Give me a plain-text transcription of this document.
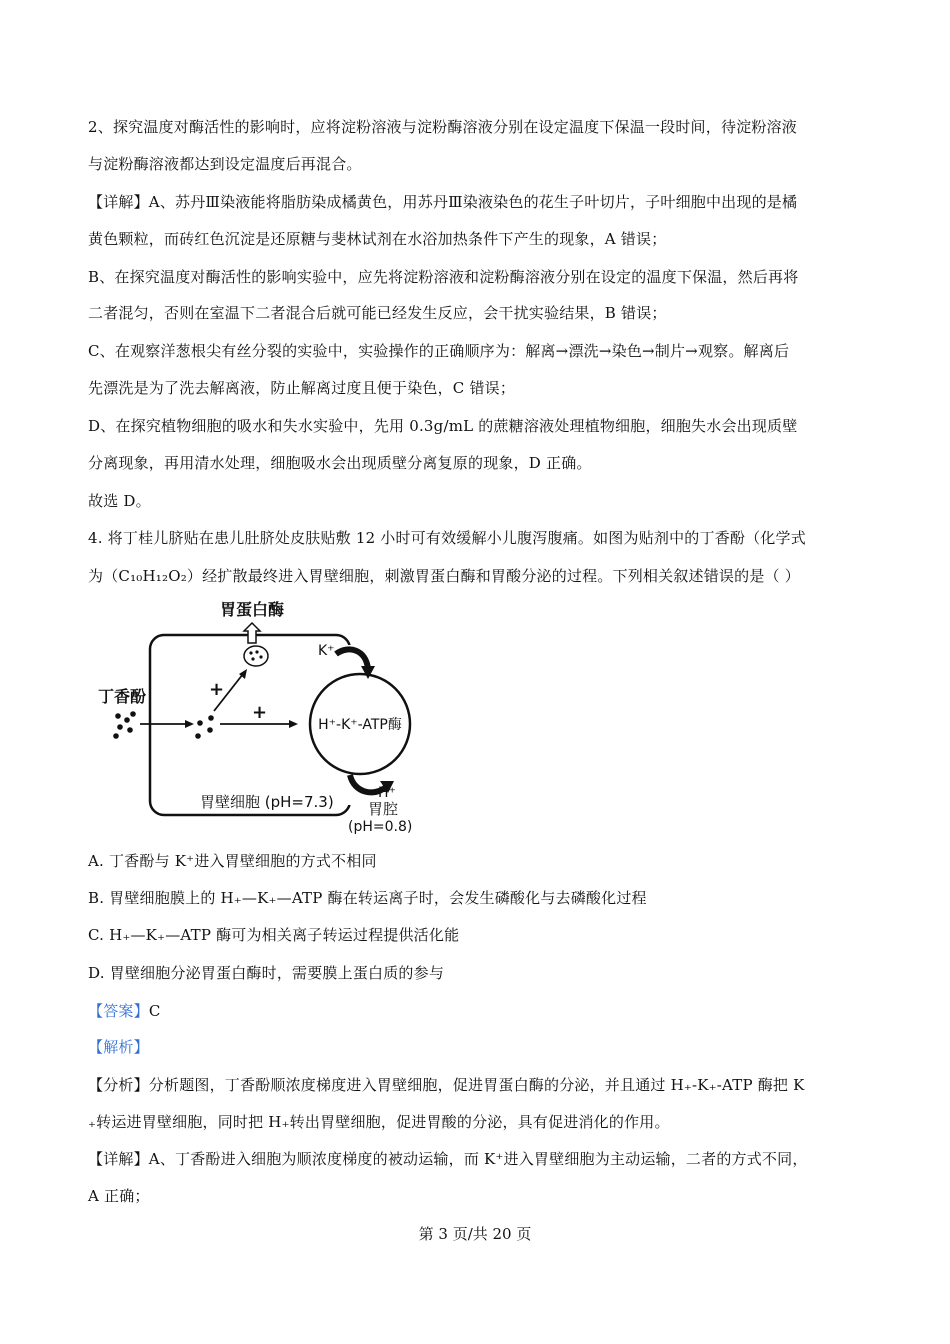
2、探究温度对酶活性的影响时，应将淀粉溶液与淀粉酶溶液分别在设定温度下保温一段时间，待淀粉溶液
与淀粉酶溶液都达到设定温度后再混合。
【详解】A、苏丹Ⅲ染液能将脂肪染成橘黄色，用苏丹Ⅲ染液染色的花生子叶切片，子叶细胞中出现的是橘
黄色颗粒，而砖红色沉淀是还原糖与斐林试剂在水浴加热条件下产生的现象，A 错误；
B、在探究温度对酶活性的影响实验中，应先将淀粉溶液和淀粉酶溶液分别在设定的温度下保温，然后再将
二者混匀，否则在室温下二者混合后就可能已经发生反应，会干扰实验结果，B 错误；
C、在观察洋葱根尖有丝分裂的实验中，实验操作的正确顺序为：解离→漂洗→染色→制片→观察。解离后
先漂洗是为了洗去解离液，防止解离过度且便于染色，C 错误；
D、在探究植物细胞的吸水和失水实验中，先用 0.3g/mL 的蔗糖溶液处理植物细胞，细胞失水会出现质壁
分离现象，再用清水处理，细胞吸水会出现质壁分离复原的现象，D 正确。
故选 D。
4. 将丁桂儿脐贴在患儿肚脐处皮肤贴敷 12 小时可有效缓解小儿腹泻腹痛。如图为贴剂中的丁香酚（化学式
为（C₁₀H₁₂O₂）经扩散最终进入胃壁细胞，刺激胃蛋白酶和胃酸分泌的过程。下列相关叙述错误的是（ ）
A. 丁香酚与 K⁺进入胃壁细胞的方式不相同
B. 胃壁细胞膜上的 H₊—K₊—ATP 酶在转运离子时，会发生磷酸化与去磷酸化过程
C. H₊—K₊—ATP 酶可为相关离子转运过程提供活化能
D. 胃壁细胞分泌胃蛋白酶时，需要膜上蛋白质的参与
【答案】C
【解析】
【分析】分析题图，丁香酚顺浓度梯度进入胃壁细胞，促进胃蛋白酶的分泌，并且通过 H₊-K₊-ATP 酶把 K
₊转运进胃壁细胞，同时把 H₊转出胃壁细胞，促进胃酸的分泌，具有促进消化的作用。
【详解】A、丁香酚进入细胞为顺浓度梯度的被动运输，而 K⁺进入胃壁细胞为主动运输，二者的方式不同，
A 正确；
胃蛋白酶
丁香酚	+
+
H⁺-K⁺-ATP酶
K⁺
H⁺
胃壁细胞 (pH=7.3) 胃腔
(pH=0.8)
第 3 页/共 20 页
